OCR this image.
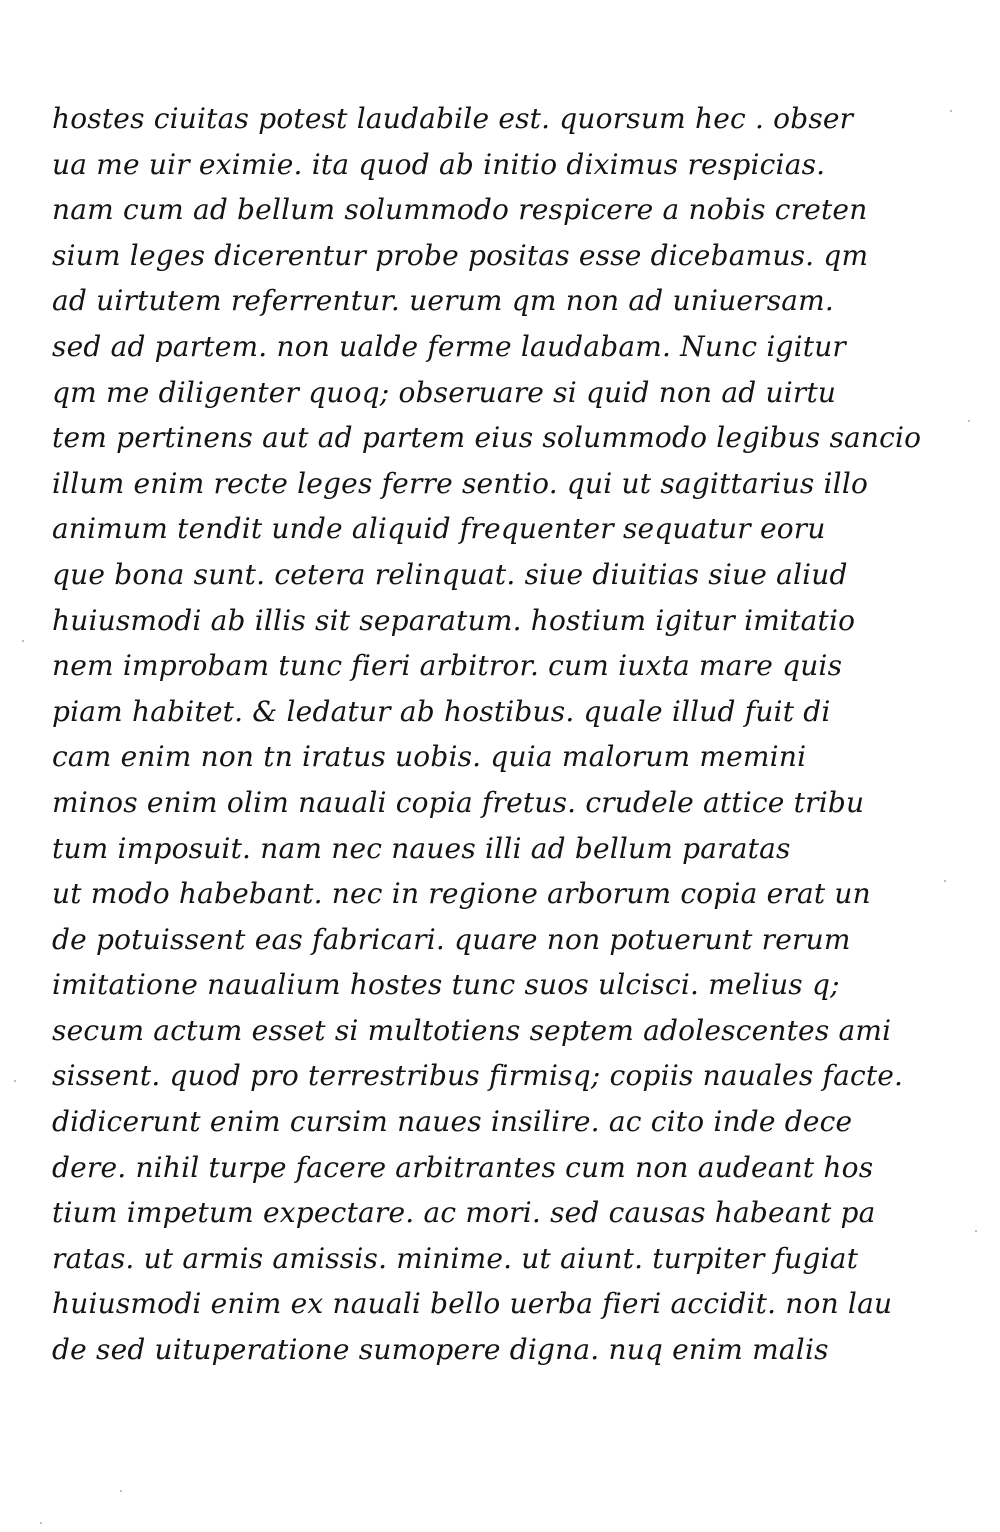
hostes ciuitas potest laudabile est. quorsum hec . obser
ua me uir eximie. ita quod ab initio diximus respicias.
nam cum ad bellum solummodo respicere a nobis creten
sium leges dicerentur probe positas esse dicebamus. qm
ad uirtutem referrentur. uerum qm non ad uniuersam.
sed ad partem. non ualde ferme laudabam. Nunc igitur
qm me diligenter quoq; obseruare si quid non ad uirtu
tem pertinens aut ad partem eius solummodo legibus sancio
illum enim recte leges ferre sentio. qui ut sagittarius illo
animum tendit unde aliquid frequenter sequatur eoru
que bona sunt. cetera relinquat. siue diuitias siue aliud
huiusmodi ab illis sit separatum. hostium igitur imitatio
nem improbam tunc fieri arbitror. cum iuxta mare quis
piam habitet. & ledatur ab hostibus. quale illud fuit di
cam enim non tn iratus uobis. quia malorum memini
minos enim olim nauali copia fretus. crudele attice tribu
tum imposuit. nam nec naues illi ad bellum paratas
ut modo habebant. nec in regione arborum copia erat un
de potuissent eas fabricari. quare non potuerunt rerum
imitatione naualium hostes tunc suos ulcisci. melius q;
secum actum esset si multotiens septem adolescentes ami
sissent. quod pro terrestribus firmisq; copiis nauales facte.
didicerunt enim cursim naues insilire. ac cito inde dece
dere. nihil turpe facere arbitrantes cum non audeant hos
tium impetum expectare. ac mori. sed causas habeant pa
ratas. ut armis amissis. minime. ut aiunt. turpiter fugiat
huiusmodi enim ex nauali bello uerba fieri accidit. non lau
de sed uituperatione sumopere digna. nuq enim malis
